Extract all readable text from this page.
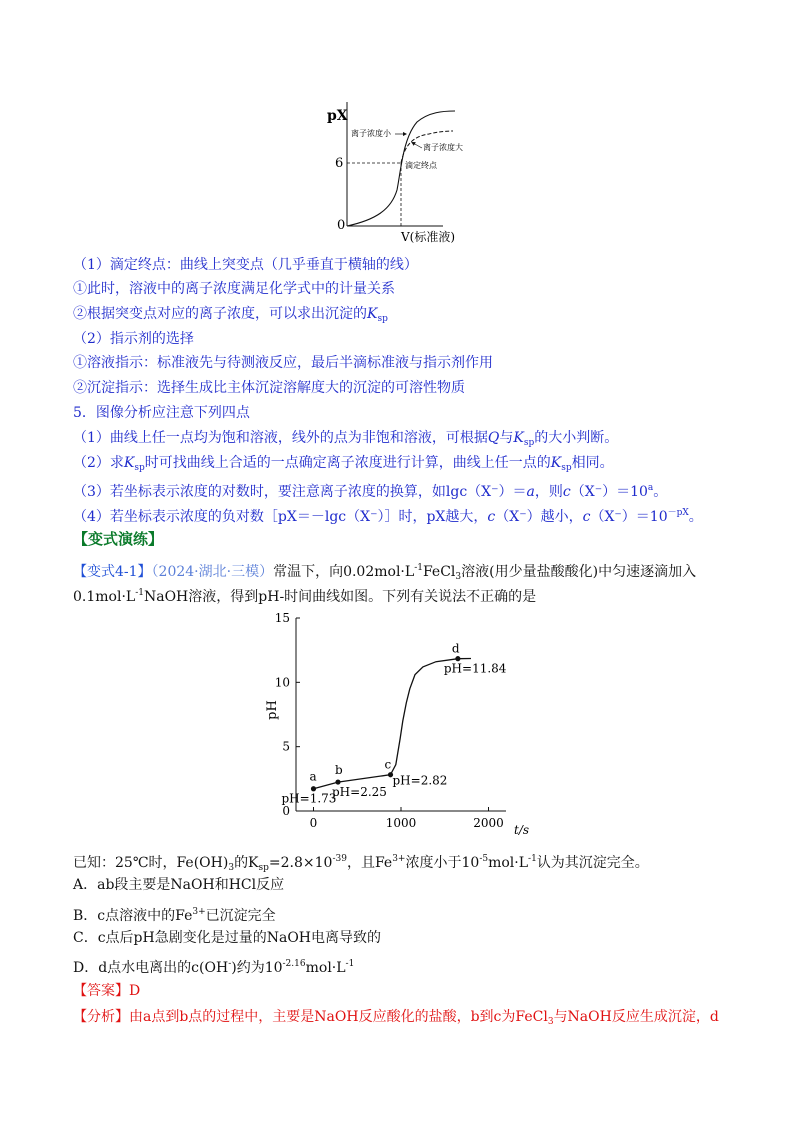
pX
V(标准液)
6
0
离子浓度小
离子浓度大
滴定终点
（1）滴定终点：曲线上突变点（几乎垂直于横轴的线）
①此时，溶液中的离子浓度满足化学式中的计量关系
②根据突变点对应的离子浓度，可以求出沉淀的$K_{sp}$
（2）指示剂的选择
①溶液指示：标准液先与待测液反应，最后半滴标准液与指示剂作用
②沉淀指示：选择生成比主体沉淀溶解度大的沉淀的可溶性物质
5．图像分析应注意下列四点
（1）曲线上任一点均为饱和溶液，线外的点为非饱和溶液，可根据Q与$K_{sp}$的大小判断。
（2）求$K_{sp}$时可找曲线上合适的一点确定离子浓度进行计算，曲线上任一点的$K_{sp}$相同。
（3）若坐标表示浓度的对数时，要注意离子浓度的换算，如lgc（X⁻）＝a，则$c(X^-)=10^a$。
（4）若坐标表示浓度的负对数［pX＝－lgc（X⁻）］时，pX越大，c（X⁻）越小，$c(X^-)=10^{-pX}$。
【变式演练】
【变式4-1】（2024·湖北·三模）常温下，向$0.02mol\cdot L^{-1}FeCl_3$溶液(用少量盐酸酸化)中匀速逐滴加入
$0.1mol\cdot L^{-1}NaOH$溶液，得到pH-时间曲线如图。下列有关说法不正确的是
0
5
10
15
0	1000	2000
a
pH=1.73
b
pH=2.25
c
pH=2.82
d
pH=11.84
pH
t/s
已知：25℃时，$Fe(OH)_3$的$K_{sp}=2.8\times 10^{-39}$，且$Fe^{3+}$浓度小于$10^{-5}mol\cdot L^{-1}$认为其沉淀完全。
A．ab段主要是NaOH和HCl反应
B．c点溶液中的$Fe^{3+}$已沉淀完全
C．c点后pH急剧变化是过量的NaOH电离导致的
D．d点水电离出的c(OH-)约为$10^{-2.16}mol\cdot L^{-1}$
【答案】D
【分析】由a点到b点的过程中，主要是NaOH反应酸化的盐酸，b到c为FeCl$_3$与NaOH反应生成沉淀，d
